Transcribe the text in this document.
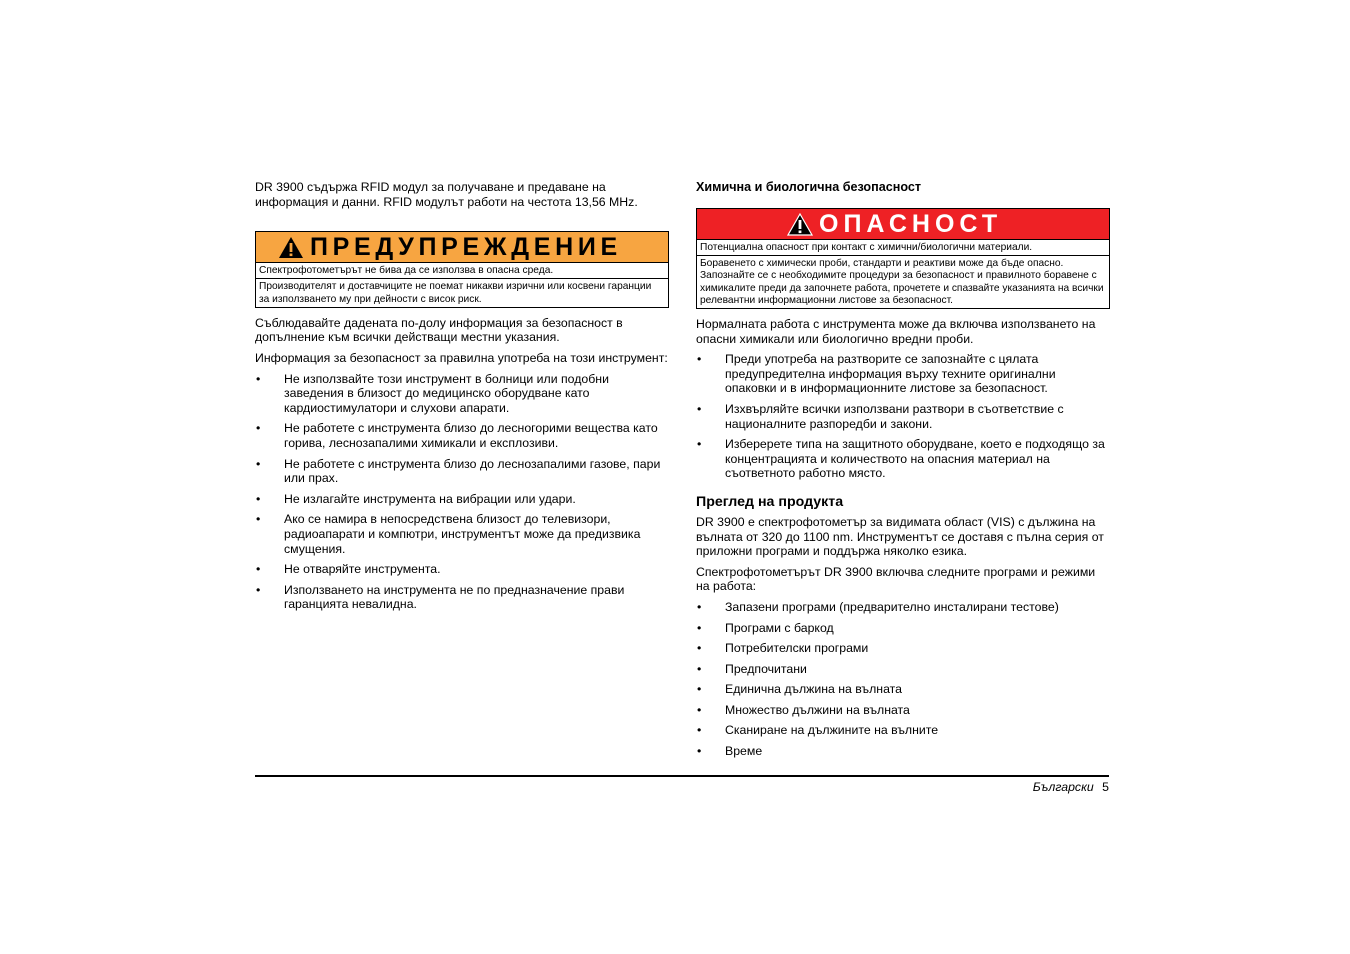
DR 3900 съдържа RFID модул за получаване и предаване на информация и данни. RFID модулът работи на честота 13,56 MHz.

ПРЕДУПРЕЖДЕНИЕ
Спектрофотометърът не бива да се използва в опасна среда.
Производителят и доставчиците не поемат никакви изрични или косвени гаранции за използването му при дейности с висок риск.

Съблюдавайте дадената по-долу информация за безопасност в допълнение към всички действащи местни указания.

Информация за безопасност за правилна употреба на този инструмент:

• Не използвайте този инструмент в болници или подобни заведения в близост до медицинско оборудване като кардиостимулатори и слухови апарати.
• Не работете с инструмента близо до лесногорими вещества като горива, леснозапалими химикали и експлозиви.
• Не работете с инструмента близо до леснозапалими газове, пари или прах.
• Не излагайте инструмента на вибрации или удари.
• Ако се намира в непосредствена близост до телевизори, радиоапарати и компютри, инструментът може да предизвика смущения.
• Не отваряйте инструмента.
• Използването на инструмента не по предназначение прави гаранцията невалидна.

Химична и биологична безопасност

ОПАСНОСТ
Потенциална опасност при контакт с химични/биологични материали.
Боравенето с химически проби, стандарти и реактиви може да бъде опасно. Запознайте се с необходимите процедури за безопасност и правилното боравене с химикалите преди да започнете работа, прочетете и спазвайте указанията на всички релевантни информационни листове за безопасност.

Нормалната работа с инструмента може да включва използването на опасни химикали или биологично вредни проби.

• Преди употреба на разтворите се запознайте с цялата предупредителна информация върху техните оригинални опаковки и в информационните листове за безопасност.
• Изхвърляйте всички използвани разтвори в съответствие с националните разпоредби и закони.
• Изберерете типа на защитното оборудване, което е подходящо за концентрацията и количеството на опасния материал на съответното работно място.

Преглед на продукта

DR 3900 е спектрофотометър за видимата област (VIS) с дължина на вълната от 320 до 1100 nm. Инструментът се доставя с пълна серия от приложни програми и поддържа няколко езика.

Спектрофотометърът DR 3900 включва следните програми и режими на работа:

• Запазени програми (предварително инсталирани тестове)
• Програми с баркод
• Потребителски програми
• Предпочитани
• Единична дължина на вълната
• Множество дължини на вълната
• Сканиране на дължините на вълните
• Време
Български 5
